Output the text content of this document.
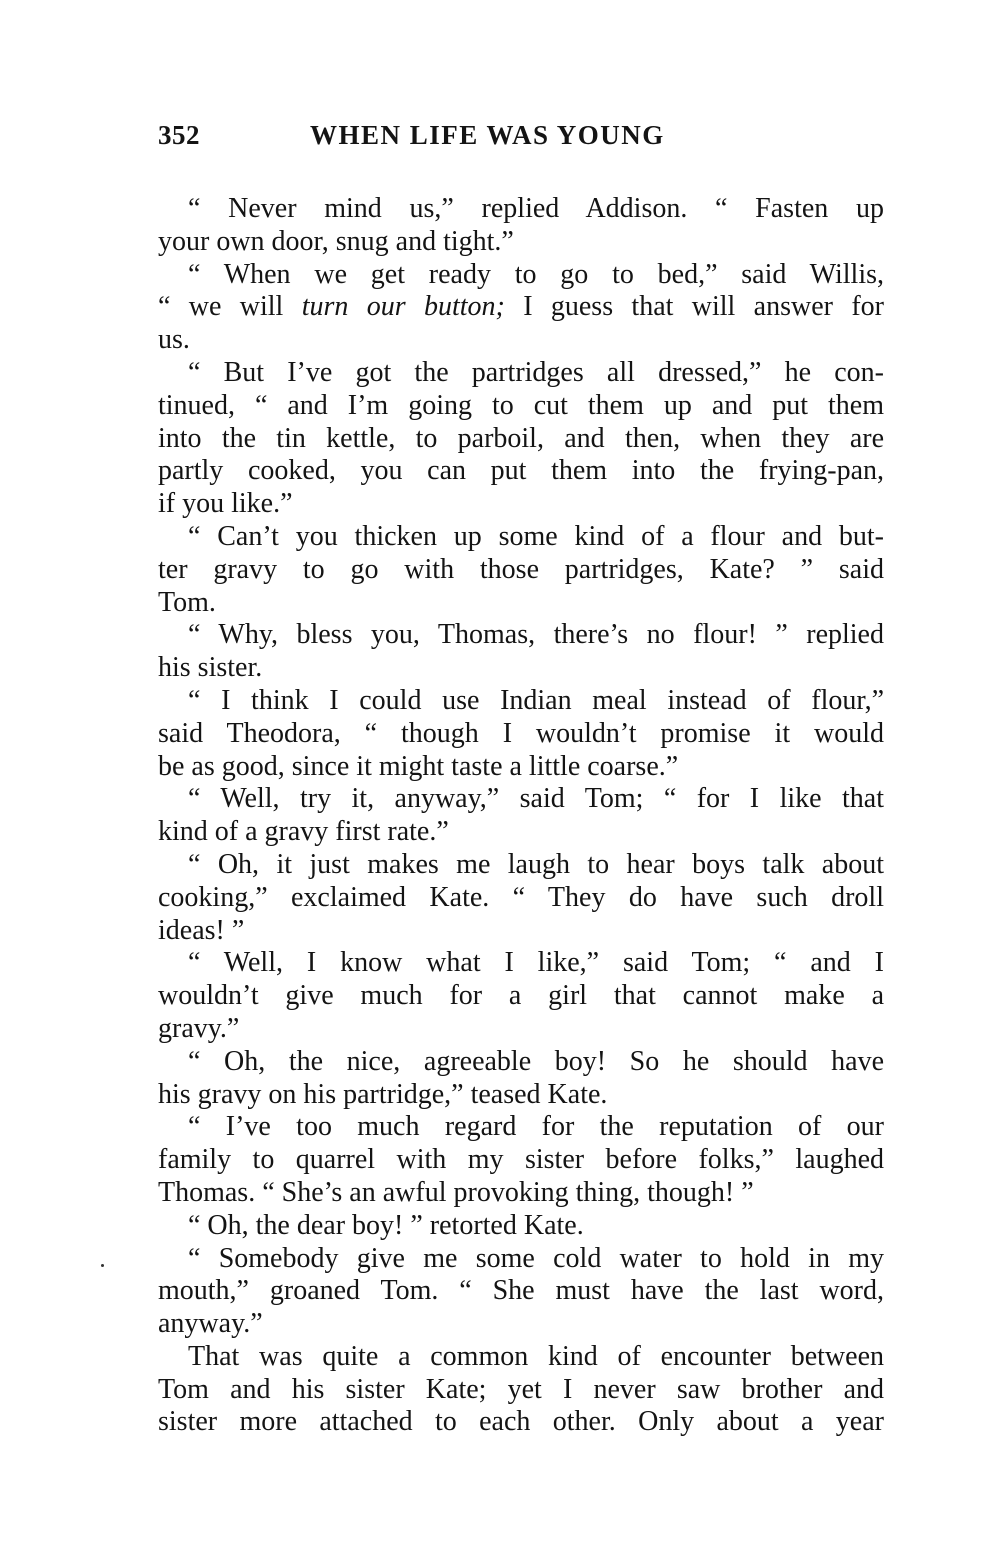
352	WHEN LIFE WAS YOUNG
“ Never mind us,” replied Addison. “ Fasten up
your own door, snug and tight.”
“ When we get ready to go to bed,” said Willis,
“ we will turn our button; I guess that will answer for
us.
“ But I’ve got the partridges all dressed,” he con-
tinued, “ and I’m going to cut them up and put them
into the tin kettle, to parboil, and then, when they are
partly cooked, you can put them into the frying-pan,
if you like.”
“ Can’t you thicken up some kind of a flour and but-
ter gravy to go with those partridges, Kate? ” said
Tom.
“ Why, bless you, Thomas, there’s no flour! ” replied
his sister.
“ I think I could use Indian meal instead of flour,”
said Theodora, “ though I wouldn’t promise it would
be as good, since it might taste a little coarse.”
“ Well, try it, anyway,” said Tom; “ for I like that
kind of a gravy first rate.”
“ Oh, it just makes me laugh to hear boys talk about
cooking,” exclaimed Kate. “ They do have such droll
ideas! ”
“ Well, I know what I like,” said Tom; “ and I
wouldn’t give much for a girl that cannot make a
gravy.”
“ Oh, the nice, agreeable boy! So he should have
his gravy on his partridge,” teased Kate.
“ I’ve too much regard for the reputation of our
family to quarrel with my sister before folks,” laughed
Thomas. “ She’s an awful provoking thing, though! ”
“ Oh, the dear boy! ” retorted Kate.
“ Somebody give me some cold water to hold in my
mouth,” groaned Tom. “ She must have the last word,
anyway.”
That was quite a common kind of encounter between
Tom and his sister Kate; yet I never saw brother and
sister more attached to each other. Only about a year
